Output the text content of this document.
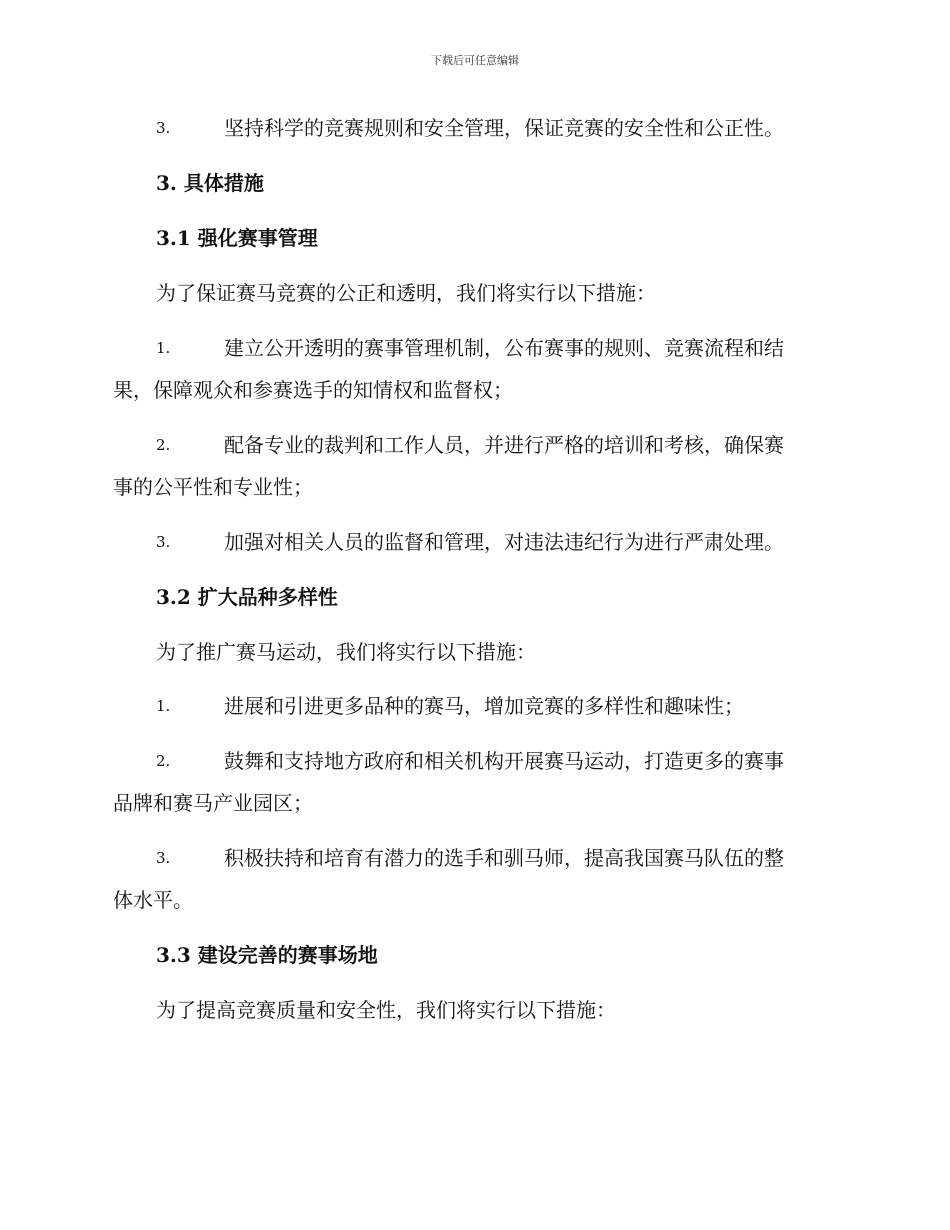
下载后可任意编辑
3.	坚持科学的竞赛规则和安全管理，保证竞赛的安全性和公正性。
3. 具体措施
3.1 强化赛事管理
为了保证赛马竞赛的公正和透明，我们将实行以下措施：
1.	建立公开透明的赛事管理机制，公布赛事的规则、竞赛流程和结
果，保障观众和参赛选手的知情权和监督权；
2.	配备专业的裁判和工作人员，并进行严格的培训和考核，确保赛
事的公平性和专业性；
3.	加强对相关人员的监督和管理，对违法违纪行为进行严肃处理。
3.2 扩大品种多样性
为了推广赛马运动，我们将实行以下措施：
1.	进展和引进更多品种的赛马，增加竞赛的多样性和趣味性；
2.	鼓舞和支持地方政府和相关机构开展赛马运动，打造更多的赛事
品牌和赛马产业园区；
3.	积极扶持和培育有潜力的选手和驯马师，提高我国赛马队伍的整
体水平。
3.3 建设完善的赛事场地
为了提高竞赛质量和安全性，我们将实行以下措施：
